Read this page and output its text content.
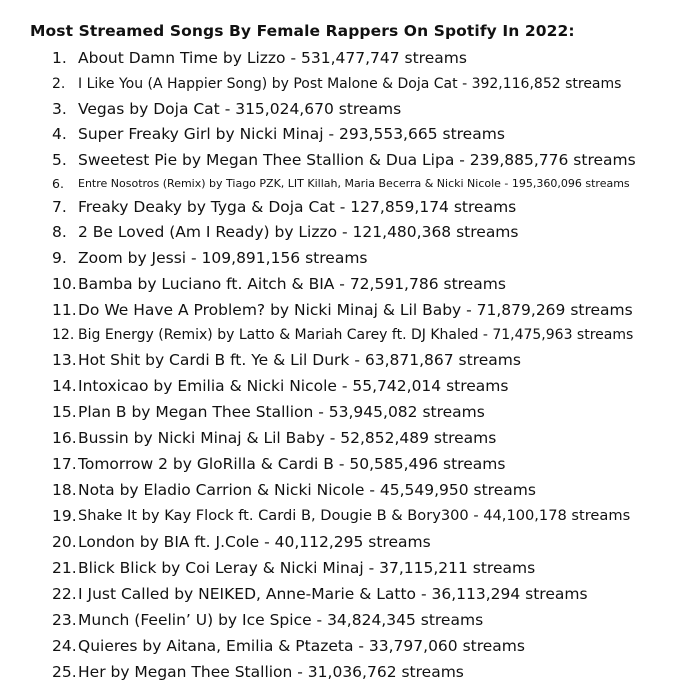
Most Streamed Songs By Female Rappers On Spotify In 2022:
1. About Damn Time by Lizzo - 531,477,747 streams
2. I Like You (A Happier Song) by Post Malone & Doja Cat - 392,116,852 streams
3. Vegas by Doja Cat - 315,024,670 streams
4. Super Freaky Girl by Nicki Minaj - 293,553,665 streams
5. Sweetest Pie by Megan Thee Stallion & Dua Lipa - 239,885,776 streams
6. Entre Nosotros (Remix) by Tiago PZK, LIT Killah, Maria Becerra & Nicki Nicole - 195,360,096 streams
7. Freaky Deaky by Tyga & Doja Cat - 127,859,174 streams
8. 2 Be Loved (Am I Ready) by Lizzo - 121,480,368 streams
9. Zoom by Jessi - 109,891,156 streams
10. Bamba by Luciano ft. Aitch & BIA - 72,591,786 streams
11. Do We Have A Problem? by Nicki Minaj & Lil Baby - 71,879,269 streams
12. Big Energy (Remix) by Latto & Mariah Carey ft. DJ Khaled - 71,475,963 streams
13. Hot Shit by Cardi B ft. Ye & Lil Durk - 63,871,867 streams
14. Intoxicao by Emilia & Nicki Nicole - 55,742,014 streams
15. Plan B by Megan Thee Stallion - 53,945,082 streams
16. Bussin by Nicki Minaj & Lil Baby - 52,852,489 streams
17. Tomorrow 2 by GloRilla & Cardi B - 50,585,496 streams
18. Nota by Eladio Carrion & Nicki Nicole - 45,549,950 streams
19. Shake It by Kay Flock ft. Cardi B, Dougie B & Bory300 - 44,100,178 streams
20. London by BIA ft. J.Cole - 40,112,295 streams
21. Blick Blick by Coi Leray & Nicki Minaj - 37,115,211 streams
22. I Just Called by NEIKED, Anne-Marie & Latto - 36,113,294 streams
23. Munch (Feelin’ U) by Ice Spice - 34,824,345 streams
24. Quieres by Aitana, Emilia & Ptazeta - 33,797,060 streams
25. Her by Megan Thee Stallion - 31,036,762 streams
